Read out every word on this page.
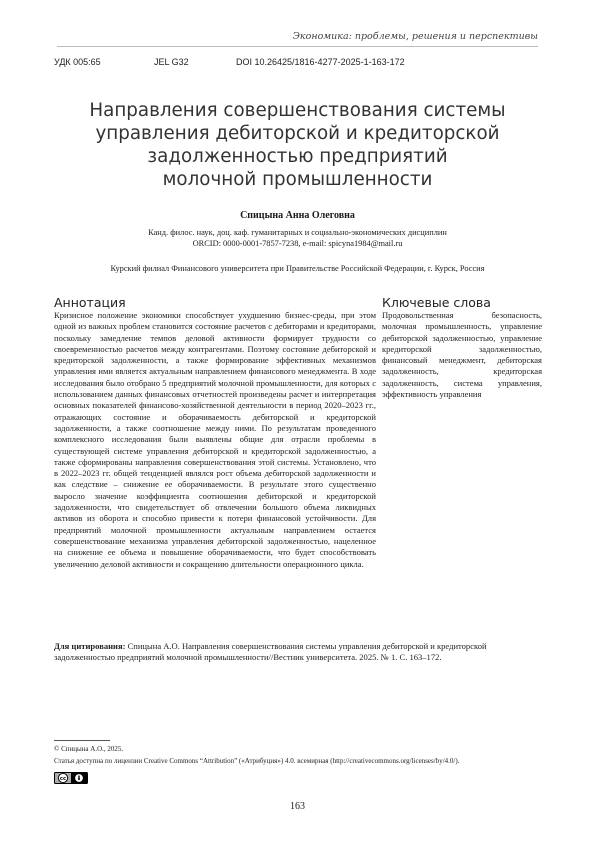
Экономика: проблемы, решения и перспективы
УДК 005:65	JEL G32	DOI 10.26425/1816-4277-2025-1-163-172
Направления совершенствования системы
управления дебиторской и кредиторской
задолженностью предприятий
молочной промышленности
Спицына Анна Олеговна
Канд. филос. наук, доц. каф. гуманитарных и социально-экономических дисциплин
ORCID: 0000-0001-7857-7238, e-mail: spicyna1984@mail.ru
Курский филиал Финансового университета при Правительстве Российской Федерации, г. Курск, Россия
Аннотация	Ключевые слова
Кризисное положение экономики способствует ухудшению бизнес-среды, при этом одной из важных проблем становится состояние расчетов с дебиторами и кредиторами, поскольку замедление темпов деловой активности формирует трудности со своевременностью расчетов между контрагентами. Поэтому состояние дебиторской и кредиторской задолженности, а также формирование эффективных механизмов управления ими является актуальным направлением финансового менеджмента. В ходе исследования было отобрано 5 предприятий молочной промышленности, для которых с использованием данных финансовых отчетностей произведены расчет и интерпретация основных показателей финансово-хозяйственной деятельности в период 2020–2023 гг., отражающих состояние и оборачиваемость дебиторской и кредиторской задолженности, а также соотношение между ними. По результатам проведенного комплексного исследования были выявлены общие для отрасли проблемы в существующей системе управления дебиторской и кредиторской задолженностью, а также сформированы направления совершенствования этой системы. Установлено, что в 2022–2023 гг. общей тенденцией являлся рост объема дебиторской задолженности и как следствие – снижение ее оборачиваемости. В результате этого существенно выросло значение коэффициента соотношения дебиторской и кредиторской задолженности, что свидетельствует об отвлечении большого объема ликвидных активов из оборота и способно привести к потери финансовой устойчивости. Для предприятий молочной промышленности актуальным направлением остается совершенствование механизма управления дебиторской задолженностью, нацеленное на снижение ее объема и повышение оборачиваемости, что будет способствовать увеличению деловой активности и сокращению длительности операционного цикла.
Продовольственная безопасность, молочная промышленность, управление дебиторской задолженностью, управление кредиторской задолженностью, финансовый менеджмент, дебиторская задолженность, кредиторская задолженность, система управления, эффективность управления
Для цитирования: Спицына А.О. Направления совершенствования системы управления дебиторской и кредиторской задолженностью предприятий молочной промышленности//Вестник университета. 2025. № 1. С. 163–172.
© Спицына А.О., 2025.
Статья доступна по лицензии Creative Commons “Attribution” («Атрибуция») 4.0. всемирная (http://creativecommons.org/licenses/by/4.0/).
cc
163
